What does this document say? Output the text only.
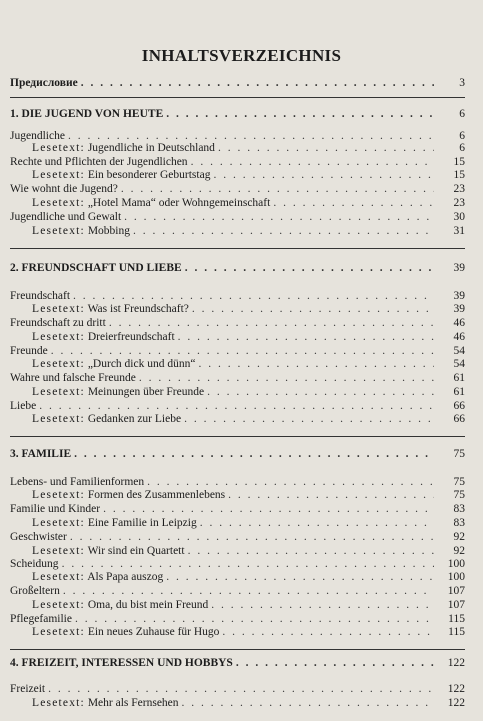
INHALTSVERZEICHNIS
Предисловие . . .	3
1. DIE JUGEND VON HEUTE . . .	6
Jugendliche . . .	6
Lesetext: Jugendliche in Deutschland . . .	6
Rechte und Pflichten der Jugendlichen . . .	15
Lesetext: Ein besonderer Geburtstag . . .	15
Wie wohnt die Jugend? . . .	23
Lesetext: „Hotel Mama“ oder Wohngemeinschaft . . .	23
Jugendliche und Gewalt . . .	30
Lesetext: Mobbing . . .	31
2. FREUNDSCHAFT UND LIEBE . . .	39
Freundschaft . . .	39
Lesetext: Was ist Freundschaft? . . .	39
Freundschaft zu dritt . . .	46
Lesetext: Dreierfreundschaft . . .	46
Freunde . . .	54
Lesetext: „Durch dick und dünn“ . . .	54
Wahre und falsche Freunde . . .	61
Lesetext: Meinungen über Freunde . . .	61
Liebe . . .	66
Lesetext: Gedanken zur Liebe . . .	66
3. FAMILIE . . .	75
Lebens- und Familienformen . . .	75
Lesetext: Formen des Zusammenlebens . . .	75
Familie und Kinder . . .	83
Lesetext: Eine Familie in Leipzig . . .	83
Geschwister . . .	92
Lesetext: Wir sind ein Quartett . . .	92
Scheidung . . .	100
Lesetext: Als Papa auszog . . .	100
Großeltern . . .	107
Lesetext: Oma, du bist mein Freund . . .	107
Pflegefamilie . . .	115
Lesetext: Ein neues Zuhause für Hugo . . .	115
4. FREIZEIT, INTERESSEN UND HOBBYS . . .	122
Freizeit . . .	122
Lesetext: Mehr als Fernsehen . . .	122
